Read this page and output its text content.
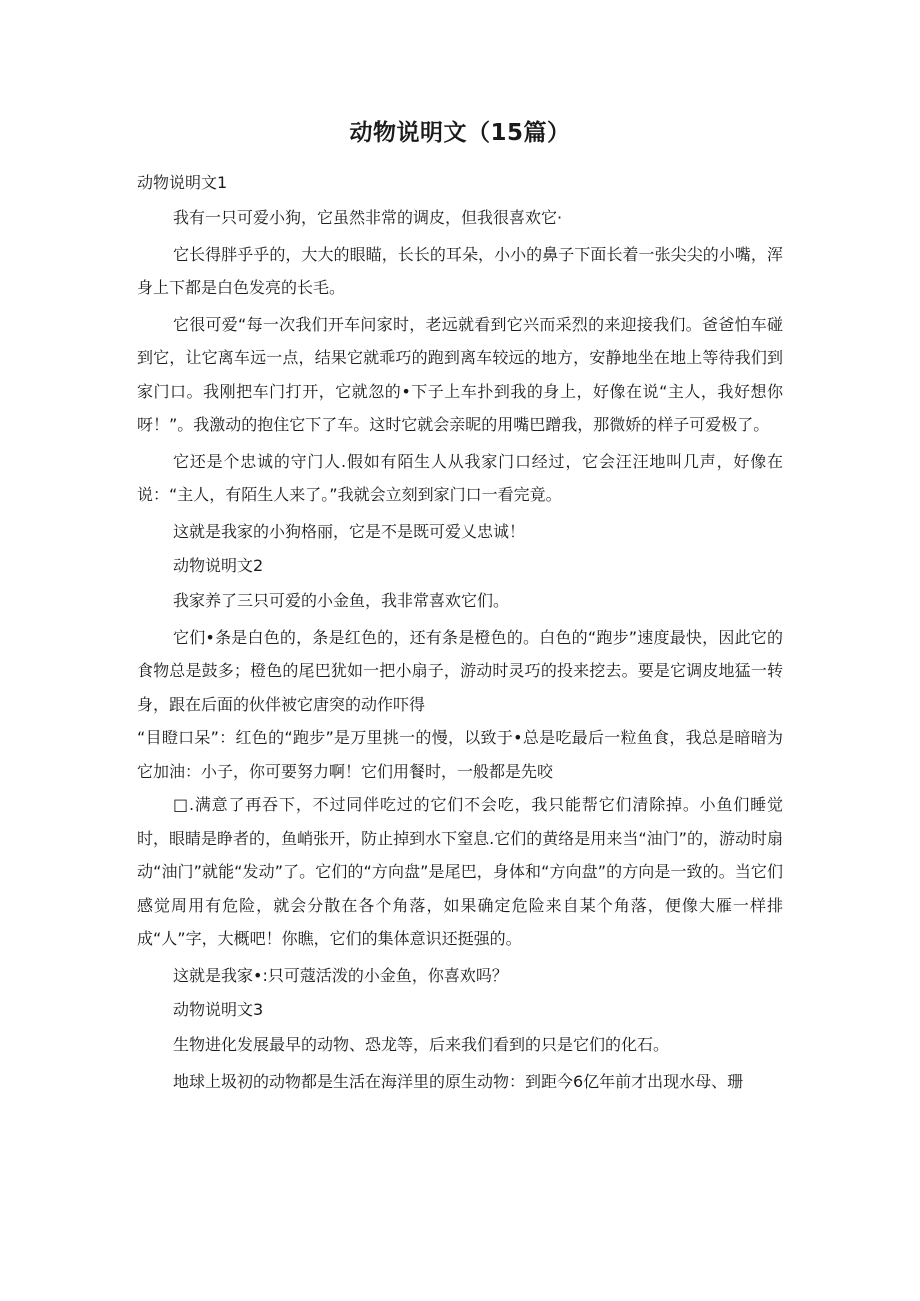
动物说明文（15篇）
动物说明文1

我有一只可爱小狗，它虽然非常的调皮，但我很喜欢它·

它长得胖乎乎的，大大的眼瞄，长长的耳朵，小小的鼻子下面长着一张尖尖的小嘴，浑身上下都是白色发亮的长毛。

它很可爱“每一次我们开车问家时，老远就看到它兴而采烈的来迎接我们。爸爸怕车碰到它，让它离车远一点，结果它就乖巧的跑到离车较远的地方，安静地坐在地上等待我们到家门口。我刚把车门打开，它就忽的•下子上车扑到我的身上，好像在说“主人，我好想你呀！”。我激动的抱住它下了车。这时它就会亲昵的用嘴巴蹭我，那微娇的样子可爱极了。

它还是个忠诚的守门人.假如有陌生人从我家门口经过，它会汪汪地叫几声，好像在说：“主人，有陌生人来了。”我就会立刻到家门口一看完竟。

这就是我家的小狗格丽，它是不是既可爱乂忠诚！

动物说明文2

我家养了三只可爱的小金鱼，我非常喜欢它们。

它们•条是白色的，条是红色的，还有条是橙色的。白色的“跑步”速度最快，因此它的食物总是鼓多；橙色的尾巴犹如一把小扇子，游动时灵巧的投来挖去。要是它调皮地猛一转身，跟在后面的伙伴被它唐突的动作吓得

“目瞪口呆”：红色的“跑步”是万里挑一的慢，以致于•总是吃最后一粒鱼食，我总是暗暗为它加油：小子，你可要努力啊！它们用餐时，一般都是先咬

□.满意了再吞下，不过同伴吃过的它们不会吃，我只能帮它们清除掉。小鱼们睡觉时，眼睛是睁者的，鱼峭张开，防止掉到水下窒息.它们的黄络是用来当“油门”的，游动时扇动“油门”就能“发动”了。它们的“方向盘”是尾巴，身体和“方向盘”的方向是一致的。当它们感觉周用有危险，就会分散在各个角落，如果确定危险来自某个角落，便像大雁一样排成“人”字，大概吧！你瞧，它们的集体意识还挺强的。

这就是我家•:只可蔻活泼的小金鱼，你喜欢吗？

动物说明文3

生物进化发展最早的动物、恐龙等，后来我们看到的只是它们的化石。

地球上圾初的动物都是生活在海洋里的原生动物：到距今6亿年前才出现水母、珊
